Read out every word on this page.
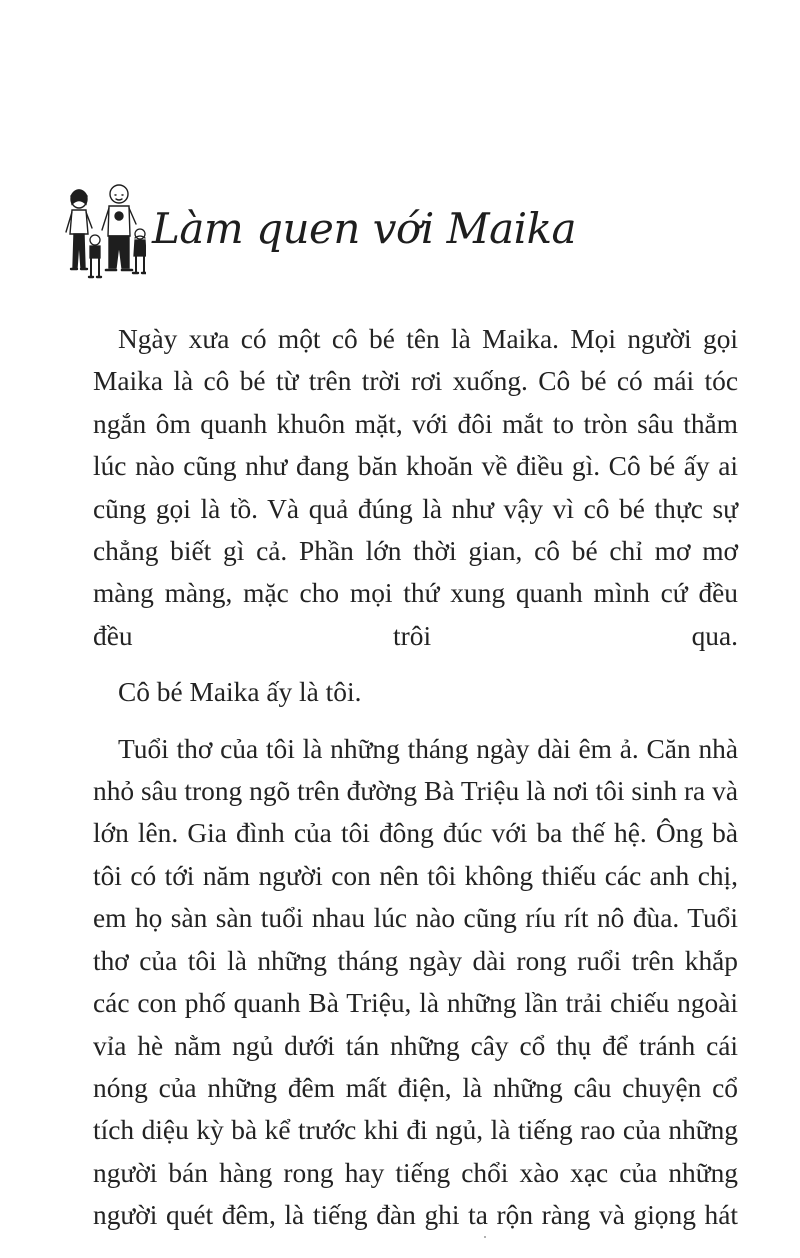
Làm quen với Maika

Ngày xưa có một cô bé tên là Maika. Mọi người gọi Maika là cô bé từ trên trời rơi xuống. Cô bé có mái tóc ngắn ôm quanh khuôn mặt, với đôi mắt to tròn sâu thẳm lúc nào cũng như đang băn khoăn về điều gì. Cô bé ấy ai cũng gọi là tồ. Và quả đúng là như vậy vì cô bé thực sự chẳng biết gì cả. Phần lớn thời gian, cô bé chỉ mơ mơ màng màng, mặc cho mọi thứ xung quanh mình cứ đều đều trôi qua.

Cô bé Maika ấy là tôi.

Tuổi thơ của tôi là những tháng ngày dài êm ả. Căn nhà nhỏ sâu trong ngõ trên đường Bà Triệu là nơi tôi sinh ra và lớn lên. Gia đình của tôi đông đúc với ba thế hệ. Ông bà tôi có tới năm người con nên tôi không thiếu các anh chị, em họ sàn sàn tuổi nhau lúc nào cũng ríu rít nô đùa. Tuổi thơ của tôi là những tháng ngày dài rong ruổi trên khắp các con phố quanh Bà Triệu, là những lần trải chiếu ngoài vỉa hè nằm ngủ dưới tán những cây cổ thụ để tránh cái nóng của những đêm mất điện, là những câu chuyện cổ tích diệu kỳ bà kể trước khi đi ngủ, là tiếng rao của những người bán hàng rong hay tiếng chổi xào xạc của những người quét đêm, là tiếng đàn ghi ta rộn ràng và giọng hát
